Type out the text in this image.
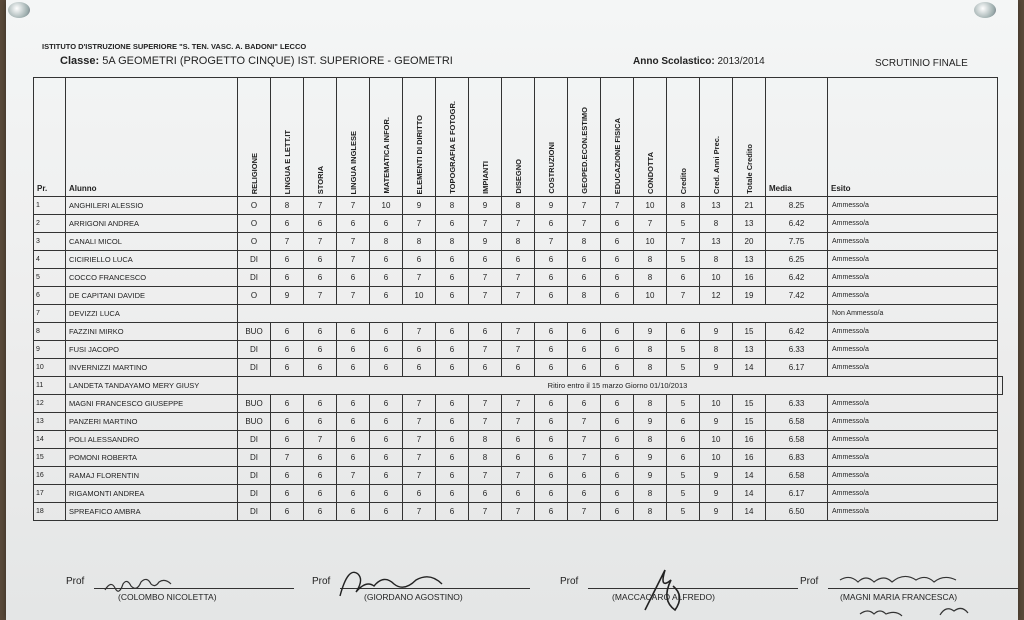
ISTITUTO D'ISTRUZIONE SUPERIORE "S. TEN. VASC. A. BADONI" LECCO
Classe: 5A GEOMETRI (PROGETTO CINQUE) IST. SUPERIORE - GEOMETRI	Anno Scolastico: 2013/2014	SCRUTINIO FINALE
Pr.	Alunno	RELIGIONE	LINGUA E LETT.IT	STORIA	LINGUA INGLESE	MATEMATICA INFOR.	ELEMENTI DI DIRITTO	TOPOGRAFIA E FOTOGR.	IMPIANTI	DISEGNO	COSTRUZIONI	GEOPED.ECON.ESTIMO	EDUCAZIONE FISICA	CONDOTTA	Credito	Cred. Anni Prec.	Totale Credito	Media	Esito	

1	ANGHILERI ALESSIO	O	8	7	7	10	9	8	9	8	9	7	7	10	8	13	21	8.25	Ammesso/a	
2	ARRIGONI ANDREA	O	6	6	6	6	7	6	7	7	6	7	6	7	5	8	13	6.42	Ammesso/a	
3	CANALI MICOL	O	7	7	7	8	8	8	9	8	7	8	6	10	7	13	20	7.75	Ammesso/a	
4	CICIRIELLO LUCA	DI	6	6	7	6	6	6	6	6	6	6	6	8	5	8	13	6.25	Ammesso/a	
5	COCCO FRANCESCO	DI	6	6	6	6	7	6	7	7	6	6	6	8	6	10	16	6.42	Ammesso/a	
6	DE CAPITANI DAVIDE	O	9	7	7	6	10	6	7	7	6	8	6	10	7	12	19	7.42	Ammesso/a	
7	DEVIZZI LUCA																		Non Ammesso/a	
8	FAZZINI MIRKO	BUO	6	6	6	6	7	6	6	7	6	6	6	9	6	9	15	6.42	Ammesso/a	
9	FUSI JACOPO	DI	6	6	6	6	6	6	7	7	6	6	6	8	5	8	13	6.33	Ammesso/a	
10	INVERNIZZI MARTINO	DI	6	6	6	6	6	6	6	6	6	6	6	8	5	9	14	6.17	Ammesso/a	
11	LANDETA TANDAYAMO MERY GIUSY	Ritiro entro il 15 marzo Giorno 01/10/2013																		
12	MAGNI FRANCESCO GIUSEPPE	BUO	6	6	6	6	7	6	7	7	6	6	6	8	5	10	15	6.33	Ammesso/a	
13	PANZERI MARTINO	BUO	6	6	6	6	7	6	7	7	6	7	6	9	6	9	15	6.58	Ammesso/a	
14	POLI ALESSANDRO	DI	6	7	6	6	7	6	8	6	6	7	6	8	6	10	16	6.58	Ammesso/a	
15	POMONI ROBERTA	DI	7	6	6	6	7	6	8	6	6	7	6	9	6	10	16	6.83	Ammesso/a	
16	RAMAJ FLORENTIN	DI	6	6	7	6	7	6	7	7	6	6	6	9	5	9	14	6.58	Ammesso/a	
17	RIGAMONTI ANDREA	DI	6	6	6	6	6	6	6	6	6	6	6	8	5	9	14	6.17	Ammesso/a	
18	SPREAFICO AMBRA	DI	6	6	6	6	7	6	7	7	6	7	6	8	5	9	14	6.50	Ammesso/a	
Prof
(COLOMBO NICOLETTA)
Prof
(GIORDANO AGOSTINO)
Prof
(MACCACARO ALFREDO)
Prof
(MAGNI MARIA FRANCESCA)
